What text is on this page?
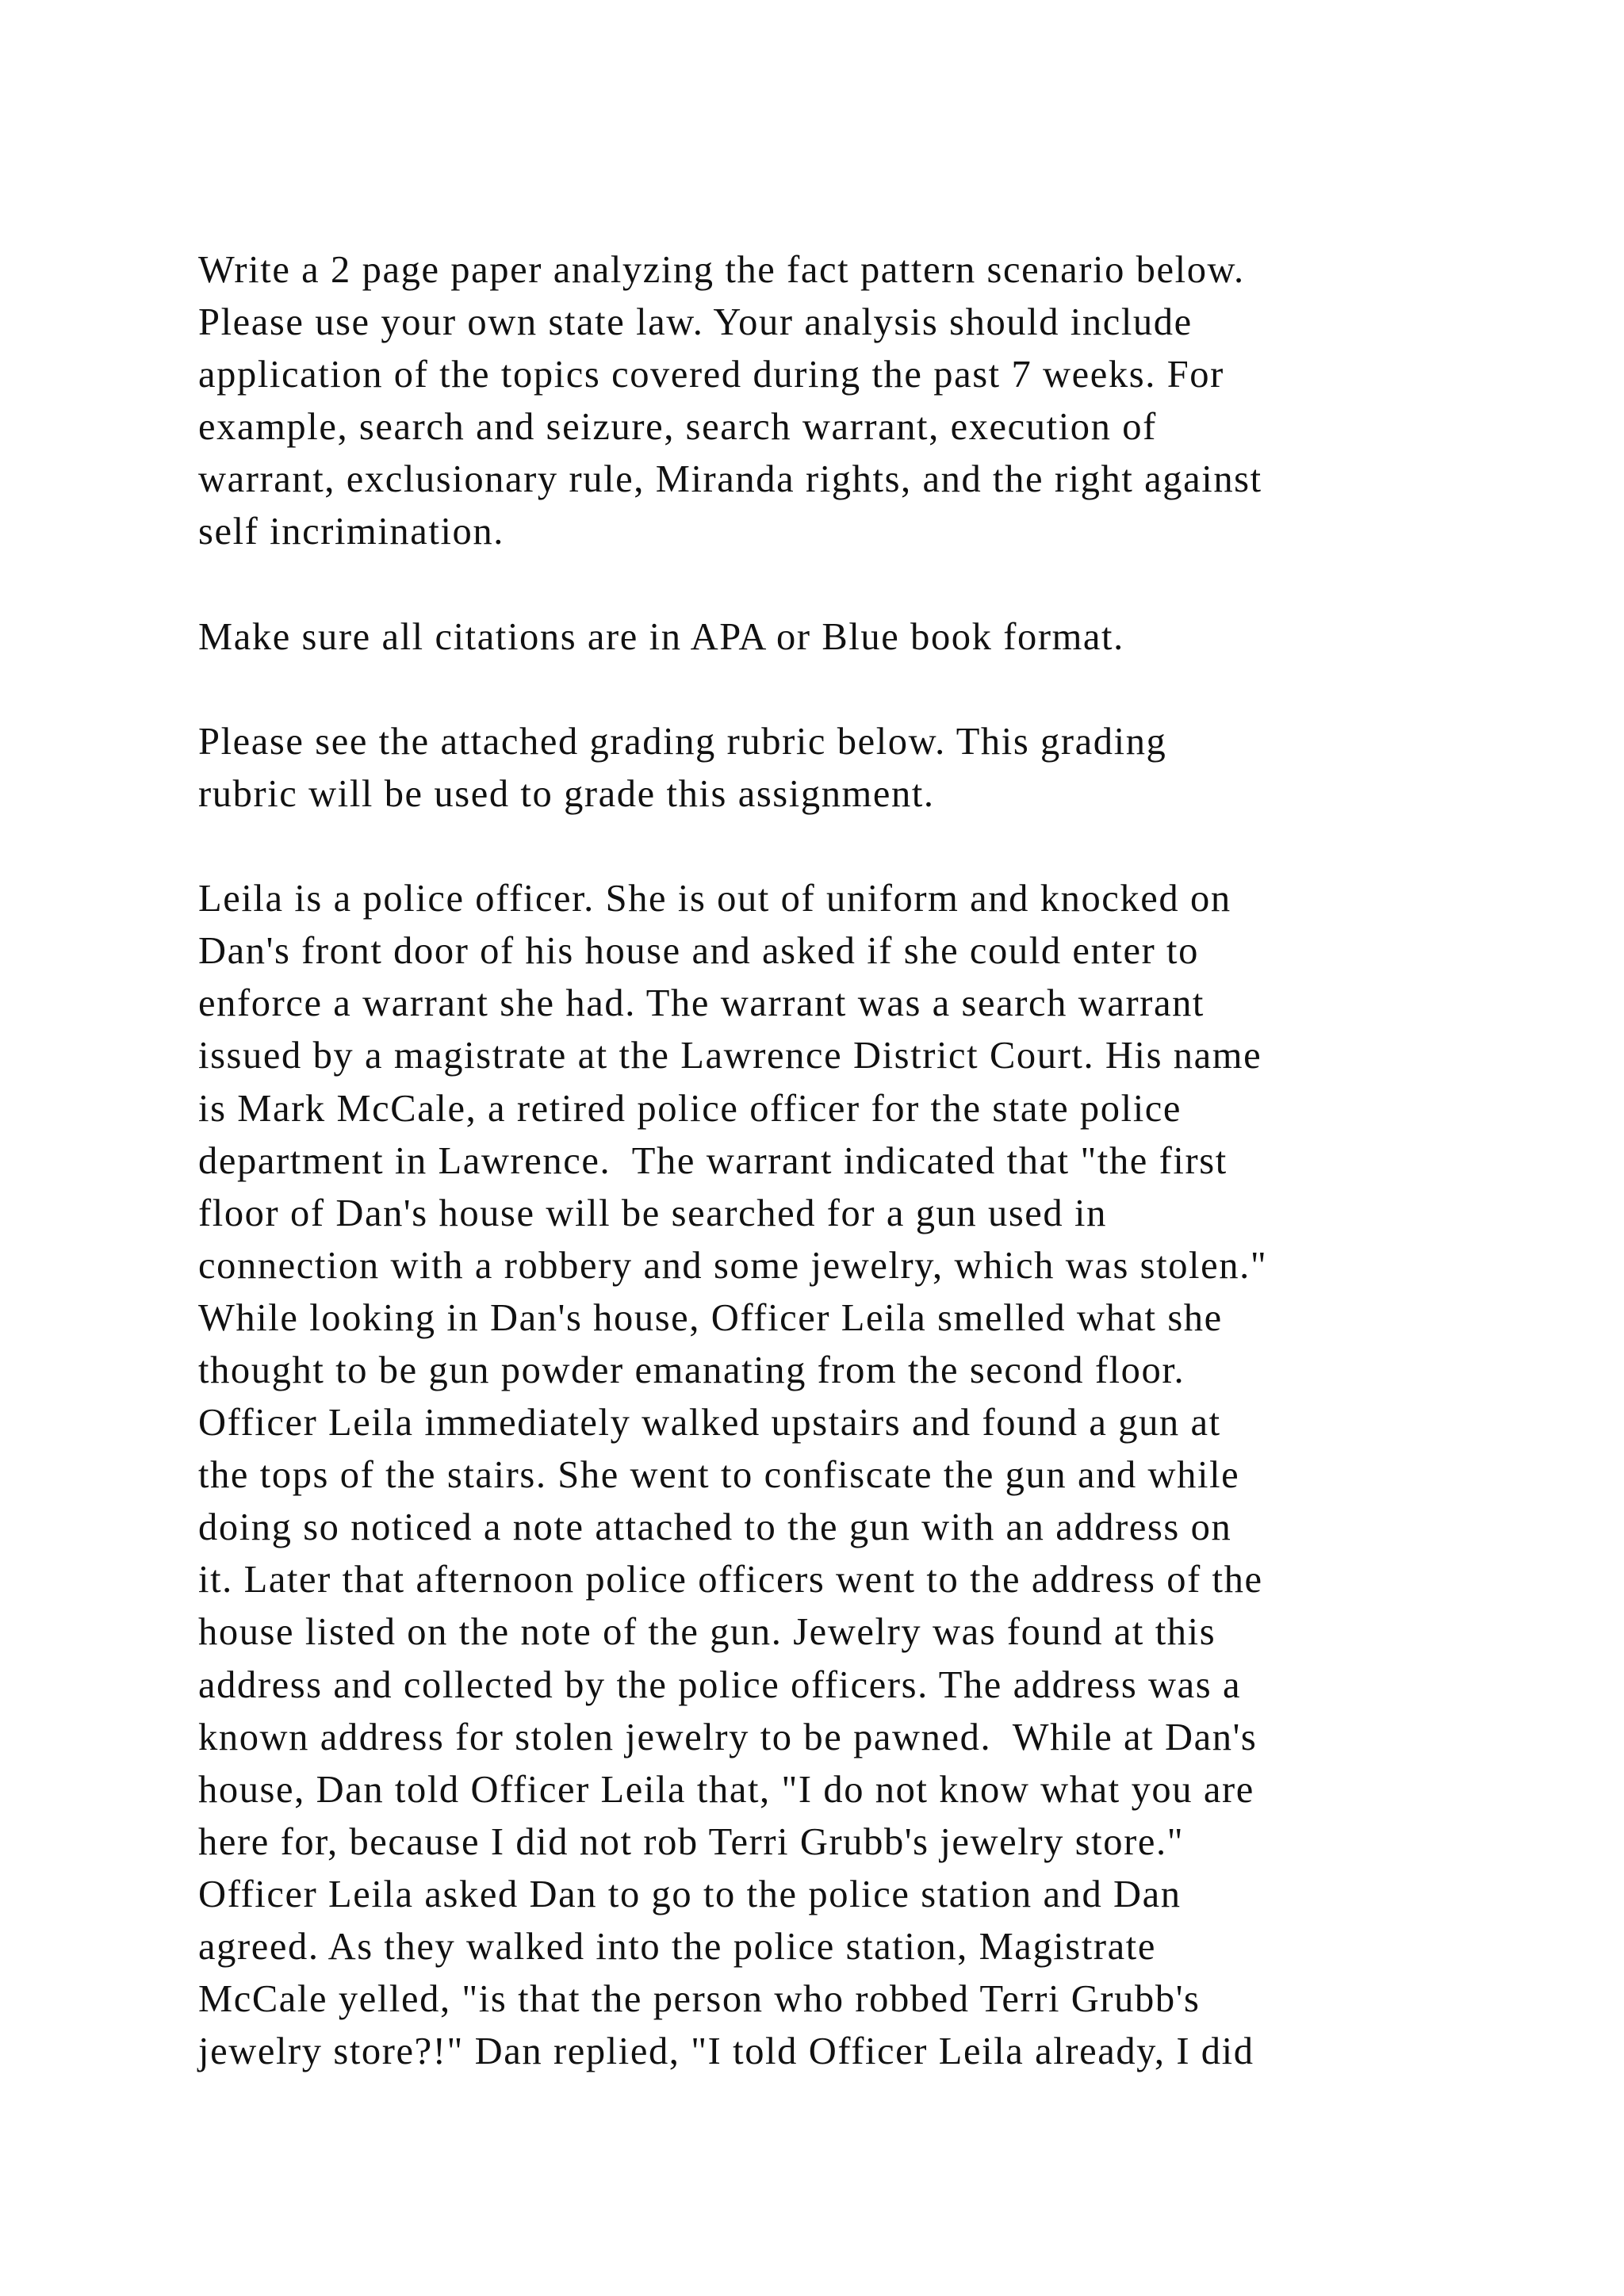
Write a 2 page paper analyzing the fact pattern scenario below.
Please use your own state law. Your analysis should include
application of the topics covered during the past 7 weeks. For
example, search and seizure, search warrant, execution of
warrant, exclusionary rule, Miranda rights, and the right against
self incrimination.
Make sure all citations are in APA or Blue book format.
Please see the attached grading rubric below. This grading
rubric will be used to grade this assignment.
Leila is a police officer. She is out of uniform and knocked on
Dan's front door of his house and asked if she could enter to
enforce a warrant she had. The warrant was a search warrant
issued by a magistrate at the Lawrence District Court. His name
is Mark McCale, a retired police officer for the state police
department in Lawrence.  The warrant indicated that "the first
floor of Dan's house will be searched for a gun used in
connection with a robbery and some jewelry, which was stolen."
While looking in Dan's house, Officer Leila smelled what she
thought to be gun powder emanating from the second floor.
Officer Leila immediately walked upstairs and found a gun at
the tops of the stairs. She went to confiscate the gun and while
doing so noticed a note attached to the gun with an address on
it. Later that afternoon police officers went to the address of the
house listed on the note of the gun. Jewelry was found at this
address and collected by the police officers. The address was a
known address for stolen jewelry to be pawned.  While at Dan's
house, Dan told Officer Leila that, "I do not know what you are
here for, because I did not rob Terri Grubb's jewelry store."
Officer Leila asked Dan to go to the police station and Dan
agreed. As they walked into the police station, Magistrate
McCale yelled, "is that the person who robbed Terri Grubb's
jewelry store?!" Dan replied, "I told Officer Leila already, I did
